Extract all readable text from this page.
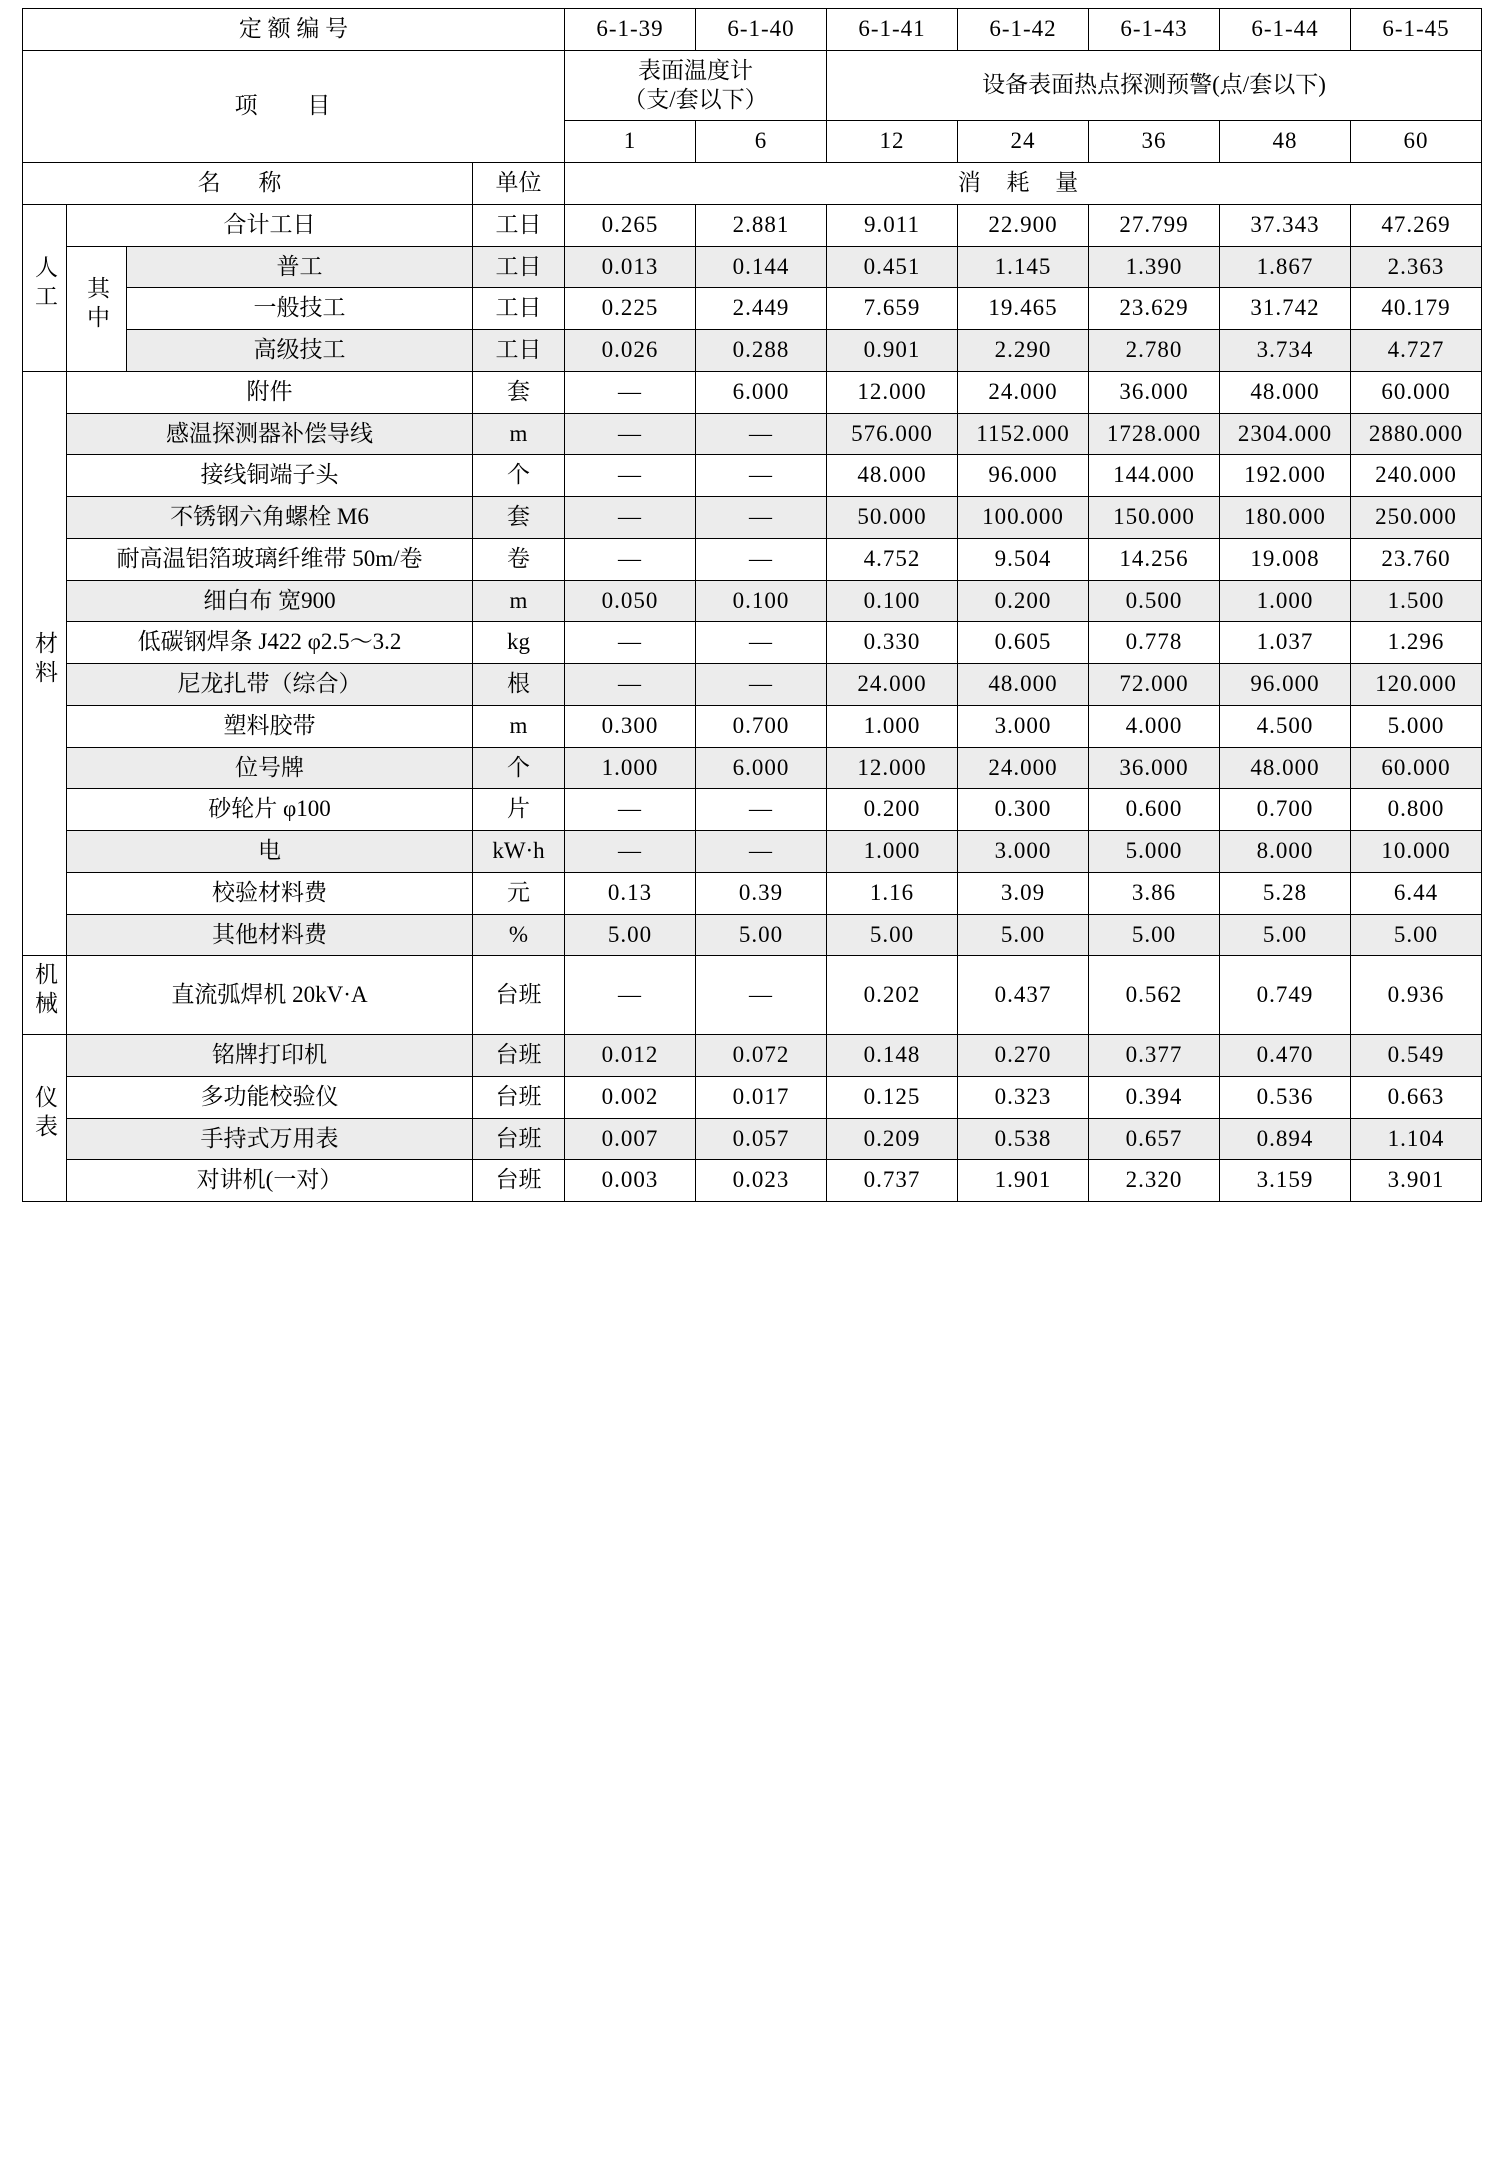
定 额 编 号				6-1-39	6-1-40	6-1-41	6-1-42	6-1-43	6-1-44	6-1-45
项 目				表面温度计
（支/套以下）		设备表面热点探测预警(点/套以下)				
				1	6	12	24	36	48	60
名 称			单位	消 耗 量						
人工	合计工日		工日	0.265	2.881	9.011	22.900	27.799	37.343	47.269
	其中	普工	工日	0.013	0.144	0.451	1.145	1.390	1.867	2.363
		一般技工	工日	0.225	2.449	7.659	19.465	23.629	31.742	40.179
		高级技工	工日	0.026	0.288	0.901	2.290	2.780	3.734	4.727
材料	附件		套	—	6.000	12.000	24.000	36.000	48.000	60.000
	感温探测器补偿导线		m	—	—	576.000	1152.000	1728.000	2304.000	2880.000
	接线铜端子头		个	—	—	48.000	96.000	144.000	192.000	240.000
	不锈钢六角螺栓 M6		套	—	—	50.000	100.000	150.000	180.000	250.000
	耐高温铝箔玻璃纤维带 50m/卷		卷	—	—	4.752	9.504	14.256	19.008	23.760
	细白布 宽900		m	0.050	0.100	0.100	0.200	0.500	1.000	1.500
	低碳钢焊条 J422 φ2.5～3.2		kg	—	—	0.330	0.605	0.778	1.037	1.296
	尼龙扎带（综合）		根	—	—	24.000	48.000	72.000	96.000	120.000
	塑料胶带		m	0.300	0.700	1.000	3.000	4.000	4.500	5.000
	位号牌		个	1.000	6.000	12.000	24.000	36.000	48.000	60.000
	砂轮片 φ100		片	—	—	0.200	0.300	0.600	0.700	0.800
	电		kW·h	—	—	1.000	3.000	5.000	8.000	10.000
	校验材料费		元	0.13	0.39	1.16	3.09	3.86	5.28	6.44
	其他材料费		%	5.00	5.00	5.00	5.00	5.00	5.00	5.00
机械	直流弧焊机 20kV·A		台班	—	—	0.202	0.437	0.562	0.749	0.936
仪表	铭牌打印机		台班	0.012	0.072	0.148	0.270	0.377	0.470	0.549
	多功能校验仪		台班	0.002	0.017	0.125	0.323	0.394	0.536	0.663
	手持式万用表		台班	0.007	0.057	0.209	0.538	0.657	0.894	1.104
	对讲机(一对）		台班	0.003	0.023	0.737	1.901	2.320	3.159	3.901
